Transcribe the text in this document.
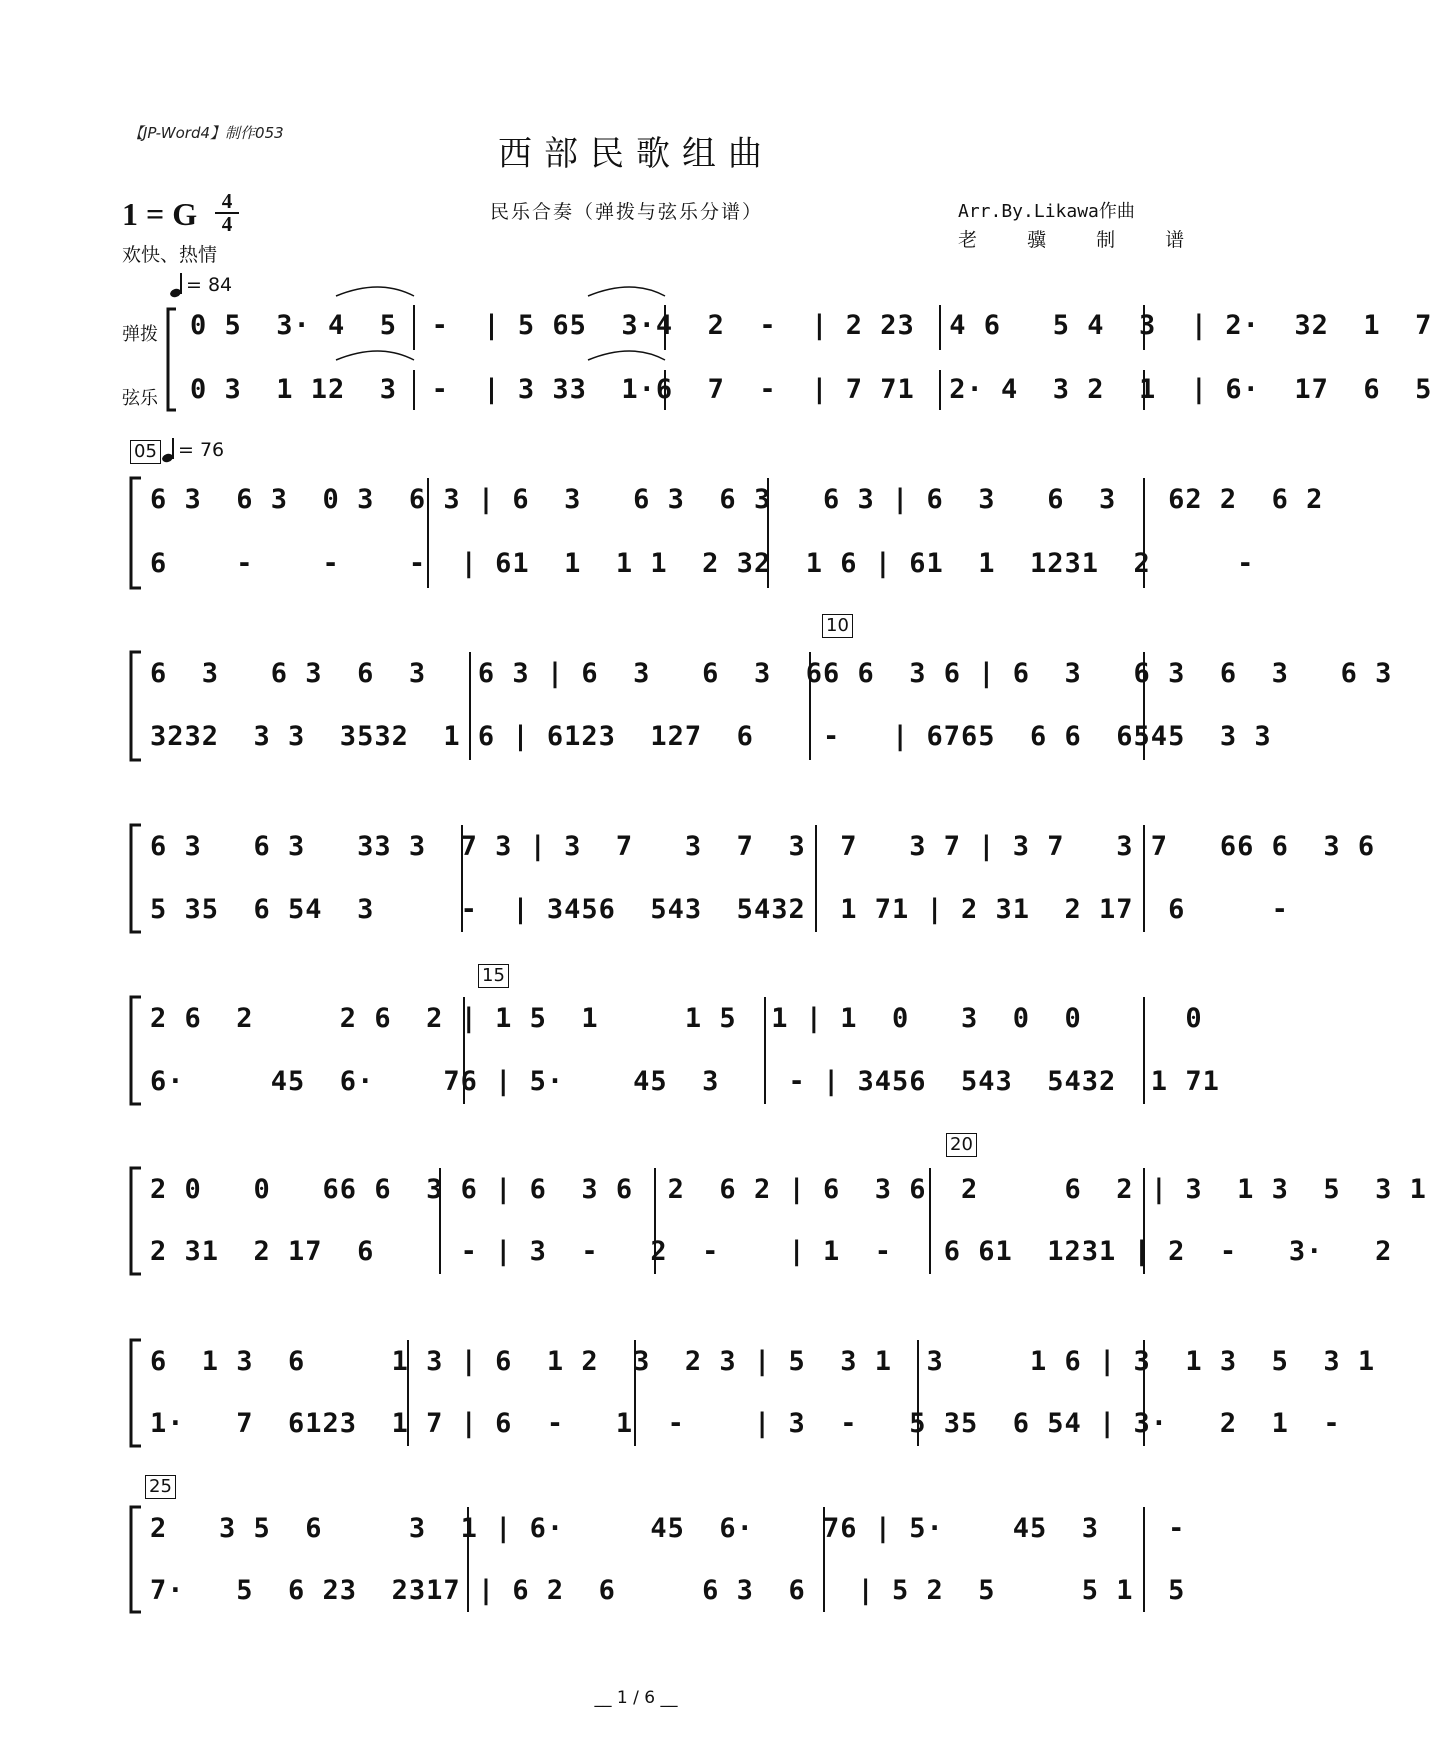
【JP-Word4】制作053
西部民歌组曲
民乐合奏（弹拨与弦乐分谱）	Arr.By.Likawa作曲
老 骥 制 谱
1 = G	4
4
欢快、热情
= 84
弹拨
弦乐
05 = 76
10
15
20
25
0 5  3· 4  5  -  | 5 65  3·4  2  -  | 2 23  4 6   5 4  3  | 2·  32  1  7
0 3  1 12  3  -  | 3 33  1·6  7  -  | 7 71  2· 4  3 2  1  | 6·  17  6  5
6 3  6 3  0 3  6 3 | 6  3   6 3  6 3   6 3 | 6  3   6  3   62 2  6 2
6    -    -    -  | 61  1  1 1  2 32  1 6 | 61  1  1231  2     -
6  3   6 3  6  3   6 3 | 6  3   6  3  66 6  3 6 | 6  3   6 3  6  3   6 3
3232  3 3  3532  1 6 | 6123  127  6    -   | 6765  6 6  6545  3 3
6 3   6 3   33 3  7 3 | 3  7   3  7  3  7   3 7 | 3 7   3 7   66 6  3 6
5 35  6 54  3     -  | 3456  543  5432  1 71 | 2 31  2 17  6     -
2 6  2     2 6  2 | 1 5  1     1 5  1 | 1  0   3  0  0      0
6·     45  6·    76 | 5·    45  3    - | 3456  543  5432  1 71
2 0   0   66 6  3 6 | 6  3 6  2  6 2 | 6  3 6  2     6  2 | 3  1 3  5  3 1
2 31  2 17  6     - | 3  -   2  -    | 1  -   6 61  1231 | 2  -   3·   2
6  1 3  6     1 3 | 6  1 2  3  2 3 | 5  3 1  3     1 6 | 3  1 3  5  3 1
1·   7  6123  1 7 | 6  -   1  -    | 3  -   5 35  6 54 | 3·   2  1  -
2   3 5  6     3  1 | 6·     45  6·    76 | 5·    45  3    -
7·   5  6 23  2317 | 6 2  6     6 3  6   | 5 2  5     5 1  5
__ 1 / 6 __
